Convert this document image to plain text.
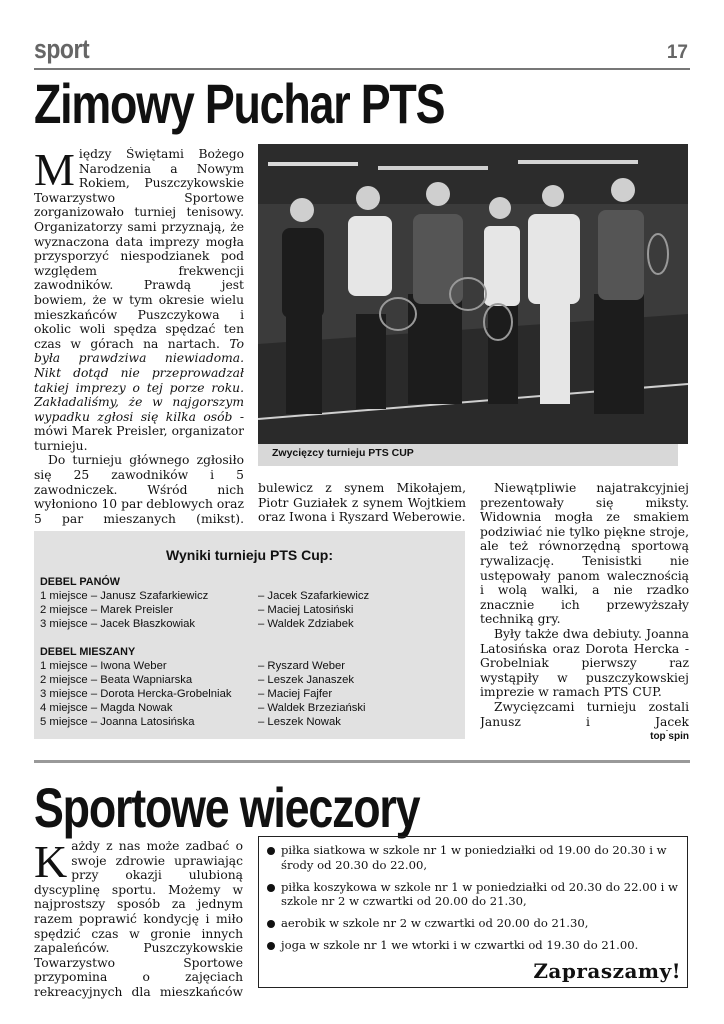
sport	17
Zimowy Puchar PTS

Między Świętami Bożego Narodzenia a Nowym Rokiem, Puszczykowskie Towarzystwo Sportowe zorganizowało turniej tenisowy. Organizatorzy sami przyznają, że wyznaczona data imprezy mogła przysporzyć niespodzianek pod względem frekwencji zawodników. Prawdą jest bowiem, że w tym okresie wielu mieszkańców Puszczykowa i okolic woli spędza spędzać ten czas w górach na nartach. To była prawdziwa niewiadoma. Nikt dotąd nie przeprowadzał takiej imprezy o tej porze roku. Zakładaliśmy, że w najgorszym wypadku zgłosi się kilka osób - mówi Marek Preisler, organizator turnieju.

Do turnieju głównego zgłosiło się 25 zawodników i 5 zawodniczek. Wśród nich wyłoniono 10 par deblowych oraz 5 par mieszanych (mikst).

Zwycięzcy turnieju PTS CUP

bulewicz z synem Mikołajem, Piotr Guziałek z synem Wojtkiem oraz Iwona i Ryszard Weberowie.

Niewątpliwie najatrakcyjniej prezentowały się miksty. Widownia mogła ze smakiem podziwiać nie tylko piękne stroje, ale też równorzędną sportową rywalizację. Tenisistki nie ustępowały panom walecznością i wolą walki, a nie rzadko znacznie ich przewyższały techniką gry.

Były także dwa debiuty. Joanna Latosińska oraz Dorota Hercka - Grobelniak pierwszy raz wystąpiły w puszczykowskiej imprezie w ramach PTS CUP.

Zwycięzcami turnieju zostali Janusz i Jacek

top spin
Wyniki turnieju PTS Cup:
DEBEL PANÓW
1 miejsce – Janusz Szafarkiewicz	– Jacek Szafarkiewicz
2 miejsce – Marek Preisler	– Maciej Latosiński
3 miejsce – Jacek Błaszkowiak	– Waldek Zdziabek
DEBEL MIESZANY
1 miejsce – Iwona Weber	– Ryszard Weber
2 miejsce – Beata Wapniarska	– Leszek Janaszek
3 miejsce – Dorota Hercka-Grobelniak – Maciej Fajfer
4 miejsce – Magda Nowak	– Waldek Brzeziański
5 miejsce – Joanna Latosińska	– Leszek Nowak
Sportowe wieczory

Każdy z nas może zadbać o swoje zdrowie uprawiając przy okazji ulubioną dyscyplinę sportu. Możemy w najprostszy sposób za jednym razem poprawić kondycję i miło spędzić czas w gronie innych zapaleńców. Puszczykowskie Towarzystwo Sportowe przypomina o zajęciach rekreacyjnych dla mieszkańców

piłka siatkowa w szkole nr 1 w poniedziałki od 19.00 do 20.30 i w środy od 20.30 do 22.00,
piłka koszykowa w szkole nr 1 w poniedziałki od 20.30 do 22.00 i w szkole nr 2 w czwartki od 20.00 do 21.30,
aerobik w szkole nr 2 w czwartki od 20.00 do 21.30,
joga w szkole nr 1 we wtorki i w czwartki od 19.30 do 21.00.
Zapraszamy!
